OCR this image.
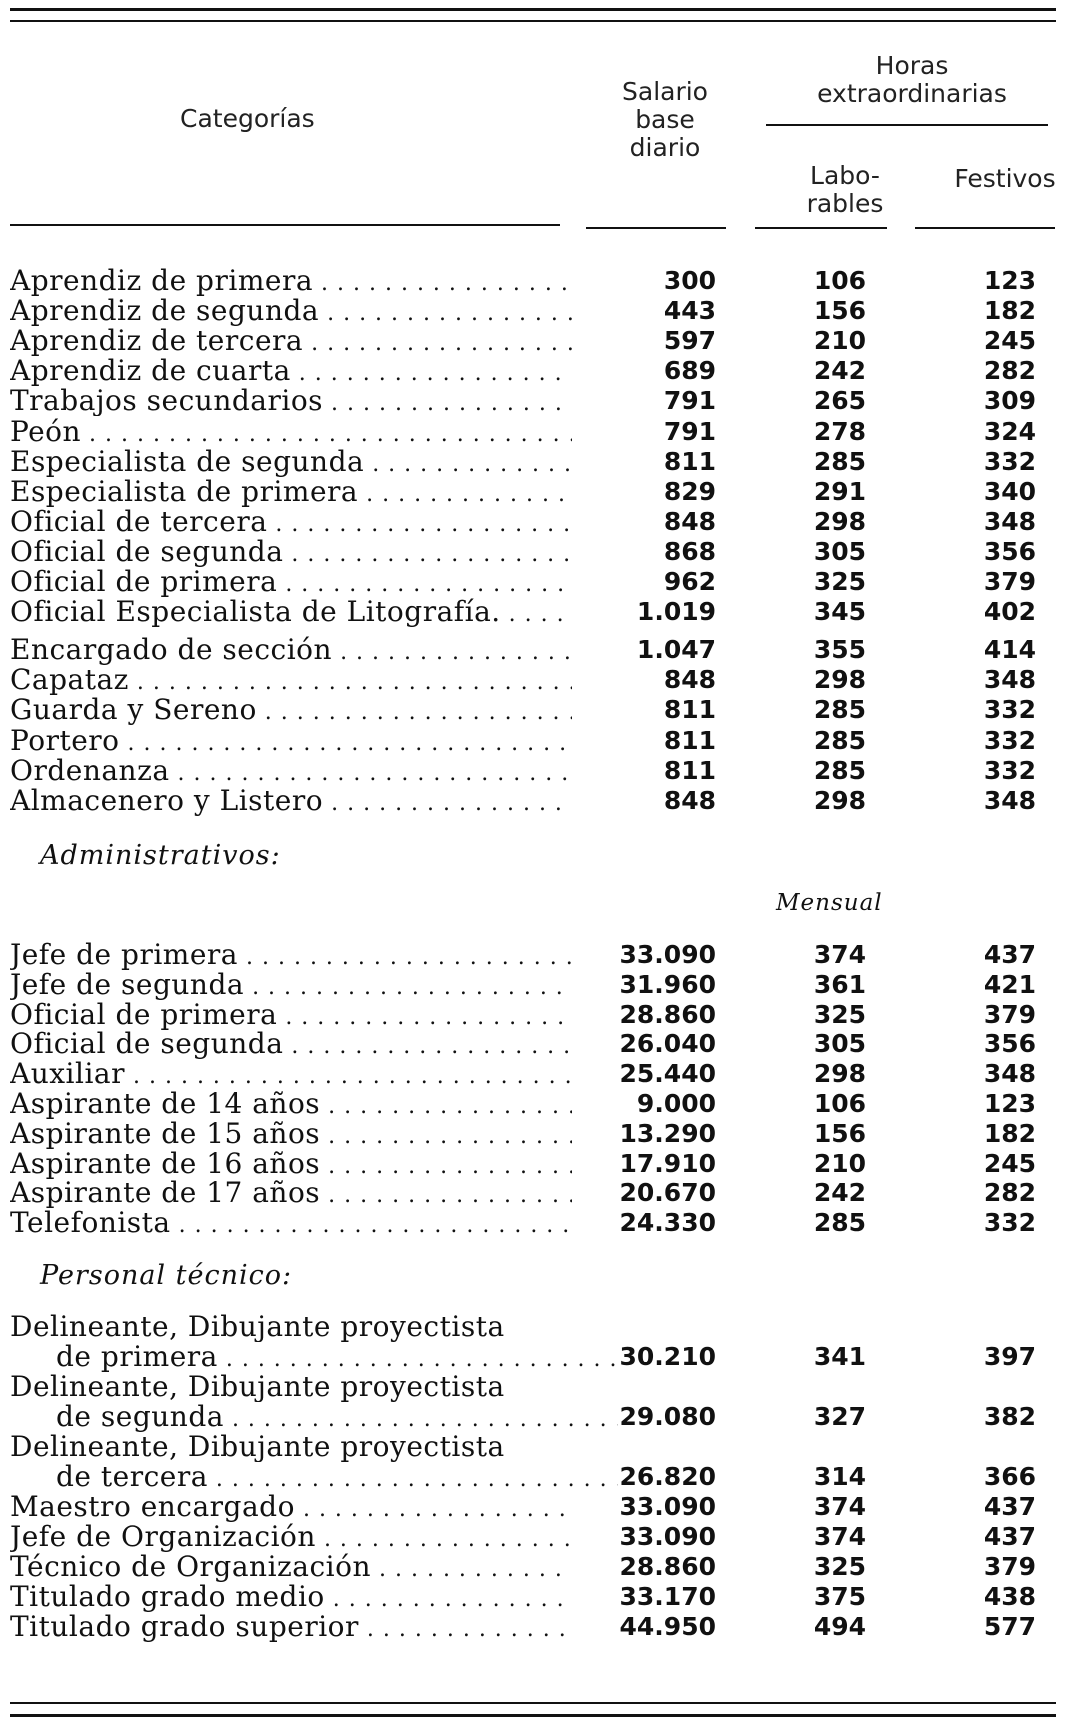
Categorías
Salario
base
diario
Horas
extraordinarias
Labo-
rables
Festivos
Aprendiz de primera . . .	300	106	123
Aprendiz de segunda . . .	443	156	182
Aprendiz de tercera . . .	597	210	245
Aprendiz de cuarta . . .	689	242	282
Trabajos secundarios . . .	791	265	309
Peón . . .	791	278	324
Especialista de segunda . . .	811	285	332
Especialista de primera . . .	829	291	340
Oficial de tercera . . .	848	298	348
Oficial de segunda . . .	868	305	356
Oficial de primera . . .	962	325	379
Oficial Especialista de Litografía. . . .	1.019	345	402
Encargado de sección . . .	1.047	355	414
Capataz . . .	848	298	348
Guarda y Sereno . . .	811	285	332
Portero . . .	811	285	332
Ordenanza . . .	811	285	332
Almacenero y Listero . . .	848	298	348
Administrativos:
Mensual
Jefe de primera . . .	33.090	374	437
Jefe de segunda . . .	31.960	361	421
Oficial de primera . . .	28.860	325	379
Oficial de segunda . . .	26.040	305	356
Auxiliar . . .	25.440	298	348
Aspirante de 14 años . . .	9.000	106	123
Aspirante de 15 años . . .	13.290	156	182
Aspirante de 16 años . . .	17.910	210	245
Aspirante de 17 años . . .	20.670	242	282
Telefonista . . .	24.330	285	332
Personal técnico:
Delineante, Dibujante proyectista
de primera . . .	30.210	341	397
Delineante, Dibujante proyectista
de segunda . . .	29.080	327	382
Delineante, Dibujante proyectista
de tercera . . .	26.820	314	366
Maestro encargado . . .	33.090	374	437
Jefe de Organización . . .	33.090	374	437
Técnico de Organización . . .	28.860	325	379
Titulado grado medio . . .	33.170	375	438
Titulado grado superior . . .	44.950	494	577
